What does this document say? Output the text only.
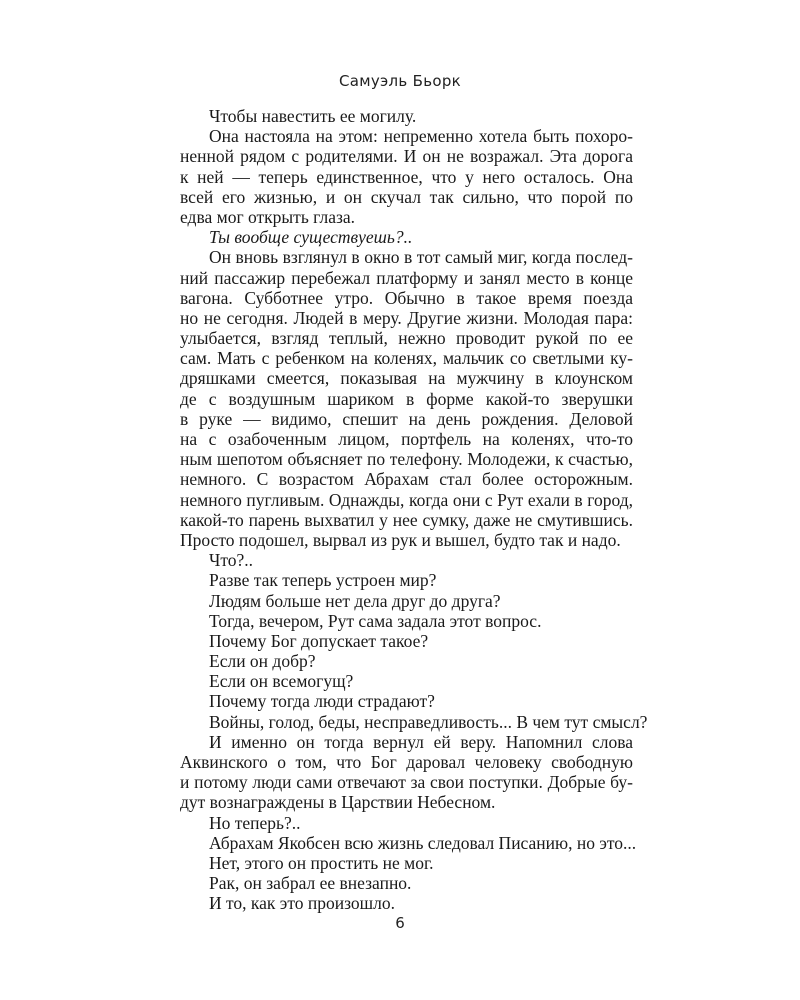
Самуэль Бьорк
Чтобы навестить ее могилу.
Она настояла на этом: непременно хотела быть похоро-
ненной рядом с родителями. И он не возражал. Эта дорога
к ней — теперь единственное, что у него осталось. Она
всей его жизнью, и он скучал так сильно, что порой по
едва мог открыть глаза.
Ты вообще существуешь?..
Он вновь взглянул в окно в тот самый миг, когда послед-
ний пассажир перебежал платформу и занял место в конце
вагона. Субботнее утро. Обычно в такое время поезда
но не сегодня. Людей в меру. Другие жизни. Молодая пара:
улыбается, взгляд теплый, нежно проводит рукой по ее
сам. Мать с ребенком на коленях, мальчик со светлыми ку-
дряшками смеется, показывая на мужчину в клоунском
де с воздушным шариком в форме какой-то зверушки
в руке — видимо, спешит на день рождения. Деловой
на с озабоченным лицом, портфель на коленях, что-то
ным шепотом объясняет по телефону. Молодежи, к счастью,
немного. С возрастом Абрахам стал более осторожным.
немного пугливым. Однажды, когда они с Рут ехали в город,
какой-то парень выхватил у нее сумку, даже не смутившись.
Просто подошел, вырвал из рук и вышел, будто так и надо.
Что?..
Разве так теперь устроен мир?
Людям больше нет дела друг до друга?
Тогда, вечером, Рут сама задала этот вопрос.
Почему Бог допускает такое?
Если он добр?
Если он всемогущ?
Почему тогда люди страдают?
Войны, голод, беды, несправедливость... В чем тут смысл?
И именно он тогда вернул ей веру. Напомнил слова
Аквинского о том, что Бог даровал человеку свободную
и потому люди сами отвечают за свои поступки. Добрые бу-
дут вознаграждены в Царствии Небесном.
Но теперь?..
Абрахам Якобсен всю жизнь следовал Писанию, но это...
Нет, этого он простить не мог.
Рак, он забрал ее внезапно.
И то, как это произошло.
6
